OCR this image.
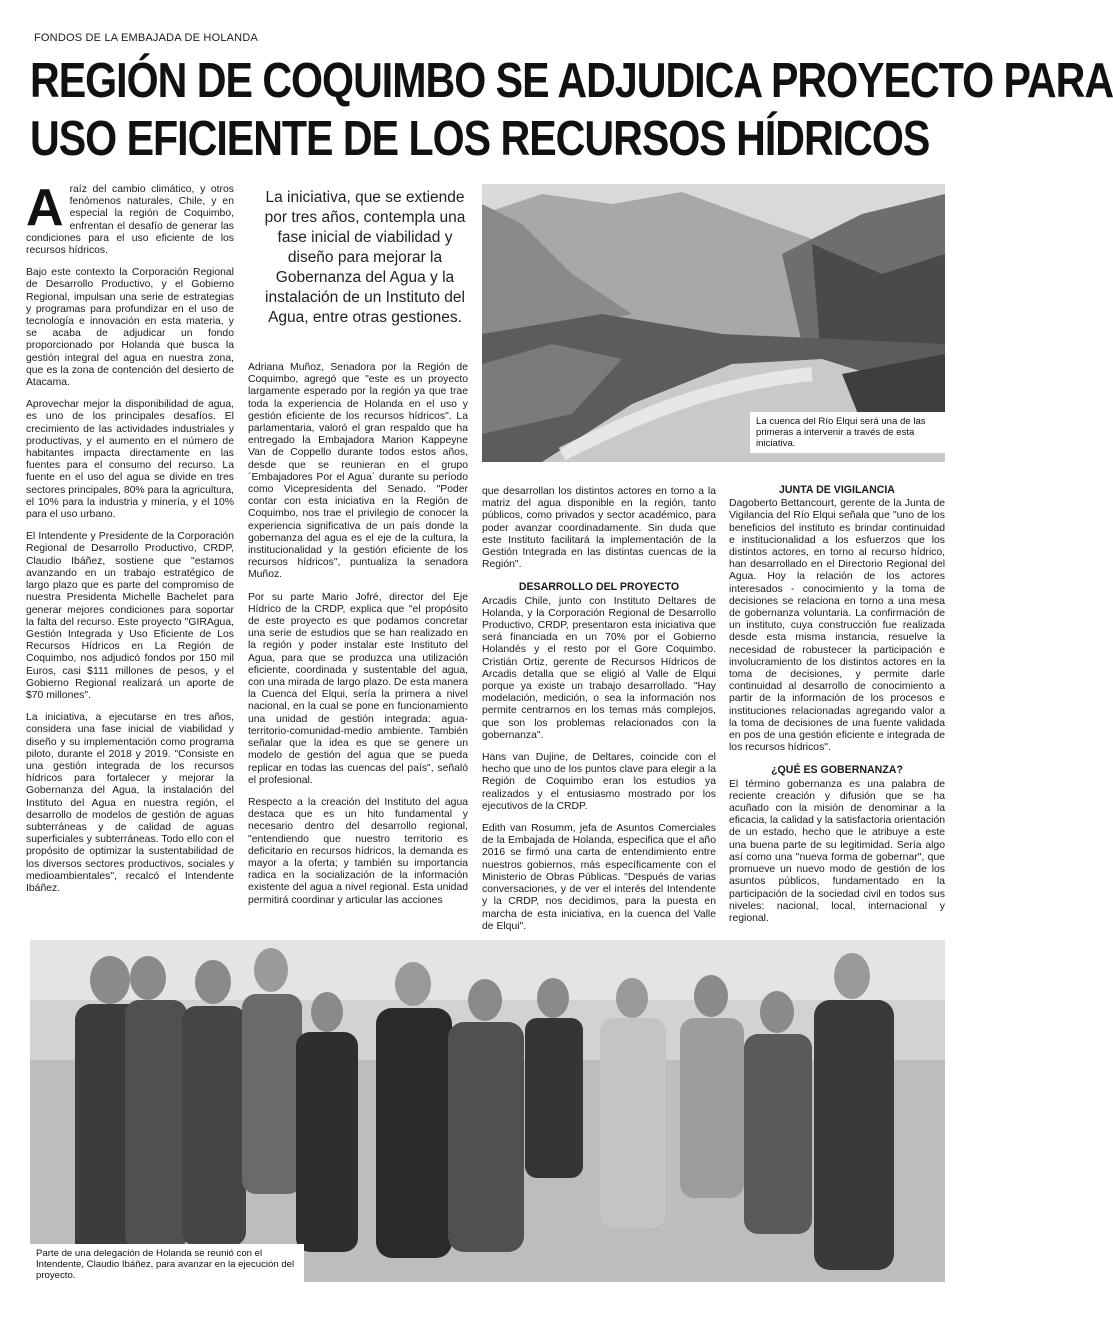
FONDOS DE LA EMBAJADA DE HOLANDA
REGIÓN DE COQUIMBO SE ADJUDICA PROYECTO PARA
USO EFICIENTE DE LOS RECURSOS HÍDRICOS

Araíz del cambio climático, y otros fenómenos naturales, Chile, y en especial la región de Coquimbo, enfrentan el desafío de generar las condiciones para el uso eficiente de los recursos hídricos.

Bajo este contexto la Corporación Regional de Desarrollo Productivo, y el Gobierno Regional, impulsan una serie de estrategias y programas para profundizar en el uso de tecnología e innovación en esta materia, y se acaba de adjudicar un fondo proporcionado por Holanda que busca la gestión integral del agua en nuestra zona, que es la zona de contención del desierto de Atacama.

Aprovechar mejor la disponibilidad de agua, es uno de los principales desafíos. El crecimiento de las actividades industriales y productivas, y el aumento en el número de habitantes impacta directamente en las fuentes para el consumo del recurso. La fuente en el uso del agua se divide en tres sectores principales, 80% para la agricultura, el 10% para la industria y minería, y el 10% para el uso urbano.

El Intendente y Presidente de la Corporación Regional de Desarrollo Productivo, CRDP, Claudio Ibáñez, sostiene que "estamos avanzando en un trabajo estratégico de largo plazo que es parte del compromiso de nuestra Presidenta Michelle Bachelet para generar mejores condiciones para soportar la falta del recurso. Este proyecto "GIRAgua, Gestión Integrada y Uso Eficiente de Los Recursos Hídricos en La Región de Coquimbo, nos adjudicó fondos por 150 mil Euros, casi $111 millones de pesos, y el Gobierno Regional realizará un aporte de $70 millones".

La iniciativa, a ejecutarse en tres años, considera una fase inicial de viabilidad y diseño y su implementación como programa piloto, durante el 2018 y 2019. "Consiste en una gestión integrada de los recursos hídricos para fortalecer y mejorar la Gobernanza del Agua, la instalación del Instituto del Agua en nuestra región, el desarrollo de modelos de gestión de aguas subterráneas y de calidad de aguas superficiales y subterráneas. Todo ello con el propósito de optimizar la sustentabilidad de los diversos sectores productivos, sociales y medioambientales", recalcó el Intendente Ibáñez.

La iniciativa, que se extiende por tres años, contempla una fase inicial de viabilidad y diseño para mejorar la Gobernanza del Agua y la instalación de un Instituto del Agua, entre otras gestiones.

Adriana Muñoz, Senadora por la Región de Coquimbo, agregó que "este es un proyecto largamente esperado por la región ya que trae toda la experiencia de Holanda en el uso y gestión eficiente de los recursos hídricos". La parlamentaria, valoró el gran respaldo que ha entregado la Embajadora Marion Kappeyne Van de Coppello durante todos estos años, desde que se reunieran en el grupo ´Embajadores Por el Agua´ durante su período como Vicepresidenta del Senado. "Poder contar con esta iniciativa en la Región de Coquimbo, nos trae el privilegio de conocer la experiencia significativa de un país donde la gobernanza del agua es el eje de la cultura, la institucionalidad y la gestión eficiente de los recursos hídricos", puntualiza la senadora Muñoz.

Por su parte Mario Jofré, director del Eje Hídrico de la CRDP, explica que "el propósito de este proyecto es que podamos concretar una serie de estudios que se han realizado en la región y poder instalar este Instituto del Agua, para que se produzca una utilización eficiente, coordinada y sustentable del agua, con una mirada de largo plazo. De esta manera la Cuenca del Elqui, sería la primera a nivel nacional, en la cual se pone en funcionamiento una unidad de gestión integrada: agua-territorio-comunidad-medio ambiente. También señalar que la idea es que se genere un modelo de gestión del agua que se pueda replicar en todas las cuencas del país", señaló el profesional.

Respecto a la creación del Instituto del agua destaca que es un hito fundamental y necesario dentro del desarrollo regional, "entendiendo que nuestro territorio es deficitario en recursos hídricos, la demanda es mayor a la oferta; y también su importancia radica en la socialización de la información existente del agua a nivel regional. Esta unidad permitirá coordinar y articular las acciones

La cuenca del Río Elqui será una de las primeras a intervenir a través de esta iniciativa.

que desarrollan los distintos actores en torno a la matriz del agua disponible en la región, tanto públicos, como privados y sector académico, para poder avanzar coordinadamente. Sin duda que este Instituto facilitará la implementación de la Gestión Integrada en las distintas cuencas de la Región".

DESARROLLO DEL PROYECTO

Arcadis Chile, junto con Instituto Deltares de Holanda, y la Corporación Regional de Desarrollo Productivo, CRDP, presentaron esta iniciativa que será financiada en un 70% por el Gobierno Holandés y el resto por el Gore Coquimbo. Cristián Ortiz, gerente de Recursos Hídricos de Arcadis detalla que se eligió al Valle de Elqui porque ya existe un trabajo desarrollado. "Hay modelación, medición, o sea la información nos permite centrarnos en los temas más complejos, que son los problemas relacionados con la gobernanza".

Hans van Dujine, de Deltares, coincide con el hecho que uno de los puntos clave para elegir a la Región de Coquimbo eran los estudios ya realizados y el entusiasmo mostrado por los ejecutivos de la CRDP.

Edith van Rosumm, jefa de Asuntos Comerciales de la Embajada de Holanda, especifica que el año 2016 se firmó una carta de entendimiento entre nuestros gobiernos, más específicamente con el Ministerio de Obras Públicas. "Después de varias conversaciones, y de ver el interés del Intendente y la CRDP, nos decidimos, para la puesta en marcha de esta iniciativa, en la cuenca del Valle de Elqui".

JUNTA DE VIGILANCIA

Dagoberto Bettancourt, gerente de la Junta de Vigilancia del Río Elqui señala que "uno de los beneficios del instituto es brindar continuidad e institucionalidad a los esfuerzos que los distintos actores, en torno al recurso hídrico, han desarrollado en el Directorio Regional del Agua. Hoy la relación de los actores interesados - conocimiento y la toma de decisiones se relaciona en torno a una mesa de gobernanza voluntaria. La confirmación de un instituto, cuya construcción fue realizada desde esta misma instancia, resuelve la necesidad de robustecer la participación e involucramiento de los distintos actores en la toma de decisiones, y permite darle continuidad al desarrollo de conocimiento a partir de la información de los procesos e instituciones relacionadas agregando valor a la toma de decisiones de una fuente validada en pos de una gestión eficiente e integrada de los recursos hídricos".

¿QUÉ ES GOBERNANZA?

El término gobernanza es una palabra de reciente creación y difusión que se ha acuñado con la misión de denominar a la eficacia, la calidad y la satisfactoria orientación de un estado, hecho que le atribuye a este una buena parte de su legitimidad. Sería algo así como una "nueva forma de gobernar", que promueve un nuevo modo de gestión de los asuntos públicos, fundamentado en la participación de la sociedad civil en todos sus niveles: nacional, local, internacional y regional.

Parte de una delegación de Holanda se reunió con el Intendente, Claudio Ibáñez, para avanzar en la ejecución del proyecto.
